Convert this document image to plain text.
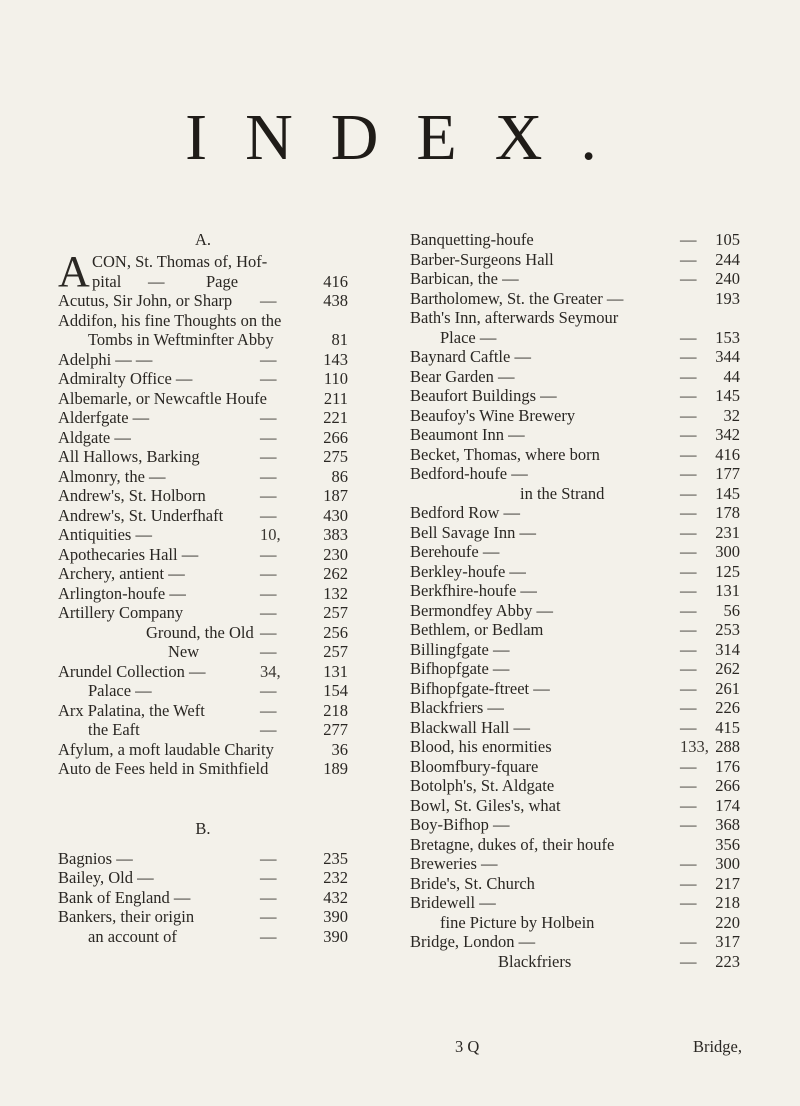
INDEX.
A.
A CON, St. Thomas of, Hof-
pital —	Page	416
Acutus, Sir John, or Sharp —	438
Addifon, his fine Thoughts on the
Tombs in Weftminfter Abby	81
Adelphi — —	—	143
Admiralty Office —	—	110
Albemarle, or Newcaftle Houfe	211
Alderfgate —	—	221
Aldgate —	—	266
All Hallows, Barking	—	275
Almonry, the —	—	86
Andrew's, St. Holborn	—	187
Andrew's, St. Underfhaft —	430
Antiquities —	10,	383
Apothecaries Hall —	—	230
Archery, antient —	—	262
Arlington-houfe —	—	132
Artillery Company	—	257
Ground, the Old —	256
New	—	257
Arundel Collection —	34,	131
Palace —	—	154
Arx Palatina, the Weft	—	218
the Eaft	—	277
Afylum, a moft laudable Charity	36
Auto de Fees held in Smithfield	189
B.
Bagnios —	—	235
Bailey, Old —	—	232
Bank of England —	—	432
Bankers, their origin	—	390
an account of	—	390
Banquetting-houfe	— 105
Barber-Surgeons Hall	— 244
Barbican, the —	— 240
Bartholomew, St. the Greater —	193
Bath's Inn, afterwards Seymour
Place —	— 153
Baynard Caftle —	— 344
Bear Garden —	— 44
Beaufort Buildings —	— 145
Beaufoy's Wine Brewery	— 32
Beaumont Inn —	— 342
Becket, Thomas, where born	— 416
Bedford-houfe —	— 177
in the Strand	— 145
Bedford Row —	— 178
Bell Savage Inn —	— 231
Berehoufe —	— 300
Berkley-houfe —	— 125
Berkfhire-houfe —	— 131
Bermondfey Abby —	— 56
Bethlem, or Bedlam	— 253
Billingfgate —	— 314
Bifhopfgate —	— 262
Bifhopfgate-ftreet —	— 261
Blackfriers —	— 226
Blackwall Hall —	— 415
Blood, his enormities	133, 288
Bloomfbury-fquare	— 176
Botolph's, St. Aldgate	— 266
Bowl, St. Giles's, what	— 174
Boy-Bifhop —	— 368
Bretagne, dukes of, their houfe	356
Breweries —	— 300
Bride's, St. Church	— 217
Bridewell —	— 218
fine Picture by Holbein	220
Bridge, London —	— 317
Blackfriers	— 223
3 Q	Bridge,
